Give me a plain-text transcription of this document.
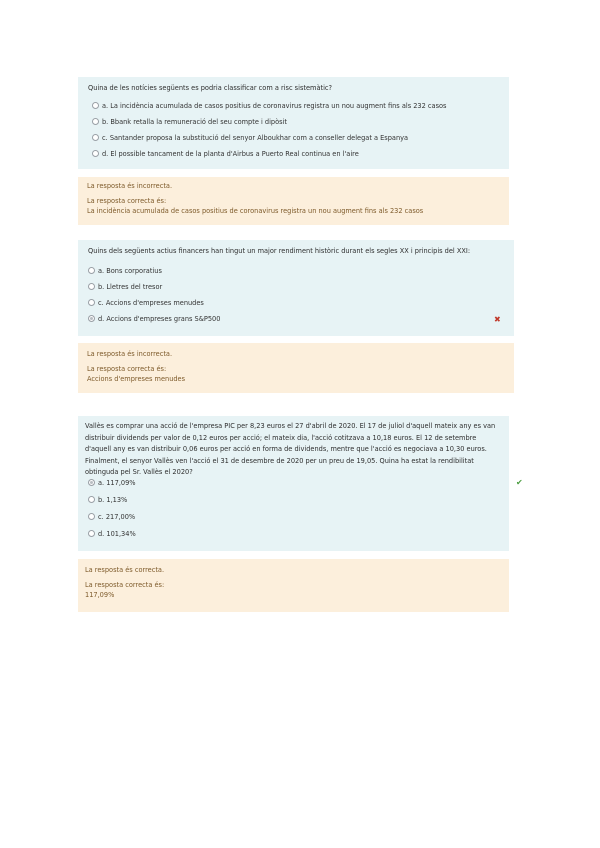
Quina de les notícies següents es podria classificar com a risc sistemàtic?
a. La incidència acumulada de casos positius de coronavirus registra un nou augment fins als 232 casos
b. Bbank retalla la remuneració del seu compte i dipòsit
c. Santander proposa la substitució del senyor Alboukhar com a conseller delegat a Espanya
d. El possible tancament de la planta d'Airbus a Puerto Real continua en l'aire
La resposta és incorrecta.
La resposta correcta és:
La incidència acumulada de casos positius de coronavirus registra un nou augment fins als 232 casos
Quins dels següents actius financers han tingut un major rendiment històric durant els segles XX i principis del XXI:
a. Bons corporatius
b. Lletres del tresor
c. Accions d'empreses menudes
d. Accions d'empreses grans S&P500	✖
La resposta és incorrecta.
La resposta correcta és:
Accions d'empreses menudes
Vallès es comprar una acció de l'empresa PIC per 8,23 euros el 27 d'abril de 2020. El 17 de juliol d'aquell mateix any es van distribuir dividends per valor de 0,12 euros per acció; el mateix dia, l'acció cotitzava a 10,18 euros. El 12 de setembre d'aquell any es van distribuir 0,06 euros per acció en forma de dividends, mentre que l'acció es negociava a 10,30 euros. Finalment, el senyor Vallès ven l'acció el 31 de desembre de 2020 per un preu de 19,05. Quina ha estat la rendibilitat obtinguda pel Sr. Vallès el 2020?
a. 117,09%
b. 1,13%
c. 217,00%
d. 101,34%
✔
La resposta és correcta.
La resposta correcta és:
117,09%
